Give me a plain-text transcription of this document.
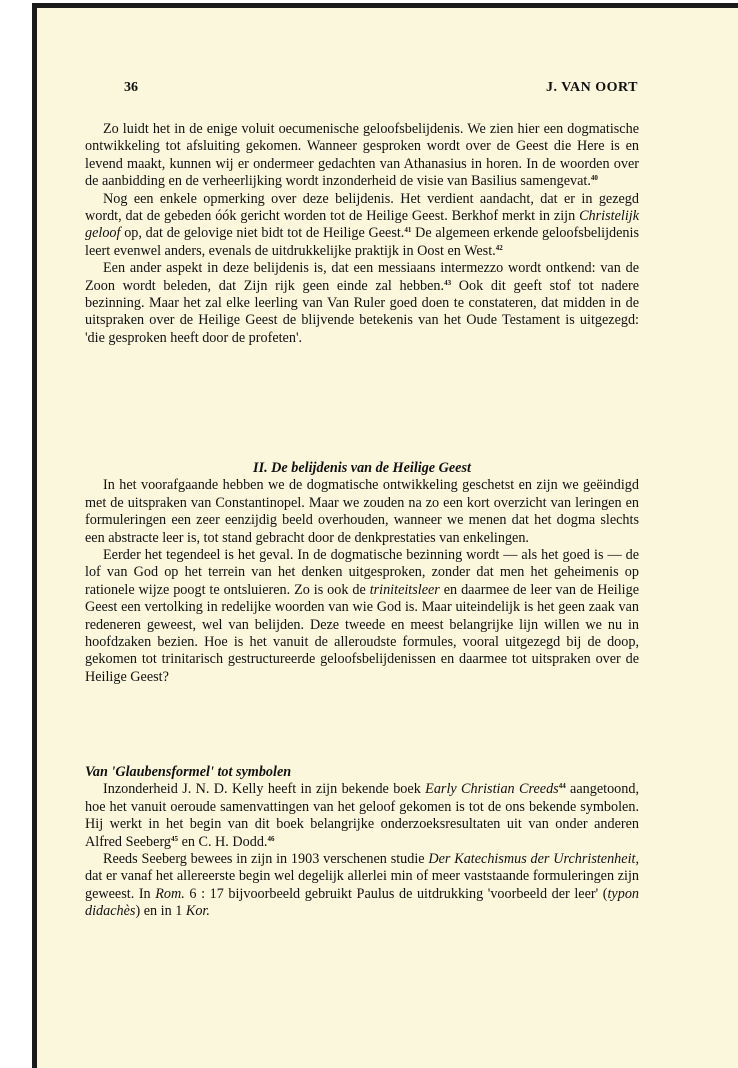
36	J. VAN OORT

Zo luidt het in de enige voluit oecumenische geloofsbelijdenis. We zien hier een dogmatische ontwikkeling tot afsluiting gekomen. Wanneer gesproken wordt over de Geest die Here is en levend maakt, kunnen wij er ondermeer gedachten van Athanasius in horen. In de woorden over de aanbidding en de verheerlijking wordt inzonderheid de visie van Basilius samengevat.$^{40}$

Nog een enkele opmerking over deze belijdenis. Het verdient aandacht, dat er in gezegd wordt, dat de gebeden óók gericht worden tot de Heilige Geest. Berkhof merkt in zijn Christelijk geloof op, dat de gelovige niet bidt tot de Heilige Geest.$^{41}$ De algemeen erkende geloofsbelijdenis leert evenwel anders, evenals de uitdrukkelijke praktijk in Oost en West.$^{42}$

Een ander aspekt in deze belijdenis is, dat een messiaans intermezzo wordt ontkend: van de Zoon wordt beleden, dat Zijn rijk geen einde zal hebben.$^{43}$ Ook dit geeft stof tot nadere bezinning. Maar het zal elke leerling van Van Ruler goed doen te constateren, dat midden in de uitspraken over de Heilige Geest de blijvende betekenis van het Oude Testament is uitgezegd: 'die gesproken heeft door de profeten'.

II. De belijdenis van de Heilige Geest

In het voorafgaande hebben we de dogmatische ontwikkeling geschetst en zijn we geëindigd met de uitspraken van Constantinopel. Maar we zouden na zo een kort overzicht van leringen en formuleringen een zeer eenzijdig beeld overhouden, wanneer we menen dat het dogma slechts een abstracte leer is, tot stand gebracht door de denkprestaties van enkelingen.

Eerder het tegendeel is het geval. In de dogmatische bezinning wordt — als het goed is — de lof van God op het terrein van het denken uitgesproken, zonder dat men het geheimenis op rationele wijze poogt te ontsluieren. Zo is ook de triniteitsleer en daarmee de leer van de Heilige Geest een vertolking in redelijke woorden van wie God is. Maar uiteindelijk is het geen zaak van redeneren geweest, wel van belijden. Deze tweede en meest belangrijke lijn willen we nu in hoofdzaken bezien. Hoe is het vanuit de alleroudste formules, vooral uitgezegd bij de doop, gekomen tot trinitarisch gestructureerde geloofsbelijdenissen en daarmee tot uitspraken over de Heilige Geest?

Van 'Glaubensformel' tot symbolen

Inzonderheid J. N. D. Kelly heeft in zijn bekende boek Early Christian Creeds$^{44}$ aangetoond, hoe het vanuit oeroude samenvattingen van het geloof gekomen is tot de ons bekende symbolen. Hij werkt in het begin van dit boek belangrijke onderzoeksresultaten uit van onder anderen Alfred Seeberg$^{45}$ en C. H. Dodd.$^{46}$

Reeds Seeberg bewees in zijn in 1903 verschenen studie Der Katechismus der Urchristenheit, dat er vanaf het allereerste begin wel degelijk allerlei min of meer vaststaande formuleringen zijn geweest. In Rom. 6 : 17 bijvoorbeeld gebruikt Paulus de uitdrukking 'voorbeeld der leer' (typon didachès) en in 1 Kor.
